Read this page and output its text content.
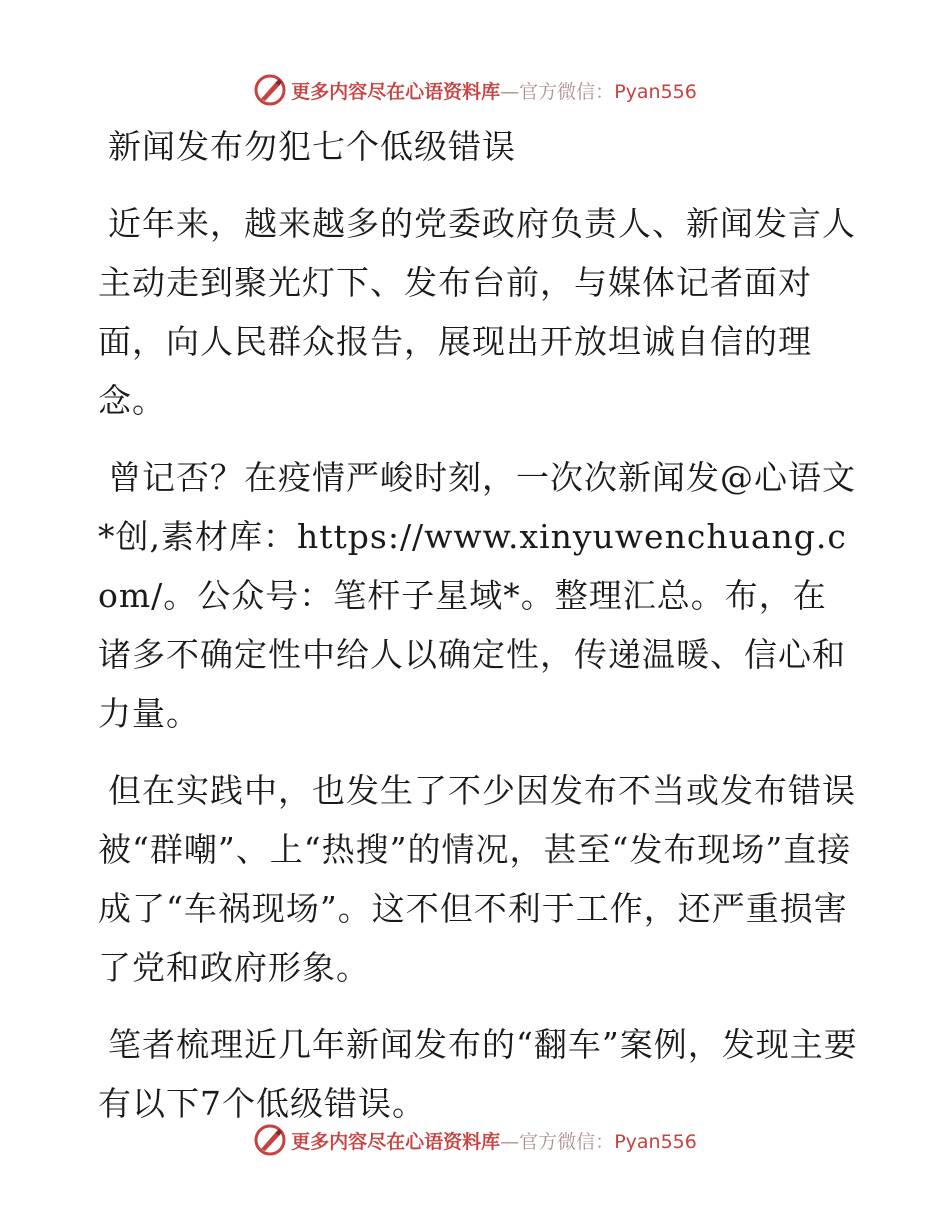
更多内容尽在心语资料库—官方微信：Pyan556
新闻发布勿犯七个低级错误

近年来，越来越多的党委政府负责人、新闻发言人主动走到聚光灯下、发布台前，与媒体记者面对面，向人民群众报告，展现出开放坦诚自信的理念。

曾记否？在疫情严峻时刻，一次次新闻发@心语文*创,素材库：https://www.xinyuwenchuang.com/。公众号：笔杆子星域*。整理汇总。布，在诸多不确定性中给人以确定性，传递温暖、信心和力量。

但在实践中，也发生了不少因发布不当或发布错误被“群嘲”、上“热搜”的情况，甚至“发布现场”直接成了“车祸现场”。这不但不利于工作，还严重损害了党和政府形象。

笔者梳理近几年新闻发布的“翻车”案例，发现主要有以下7个低级错误。

更多内容尽在心语资料库—官方微信：Pyan556
